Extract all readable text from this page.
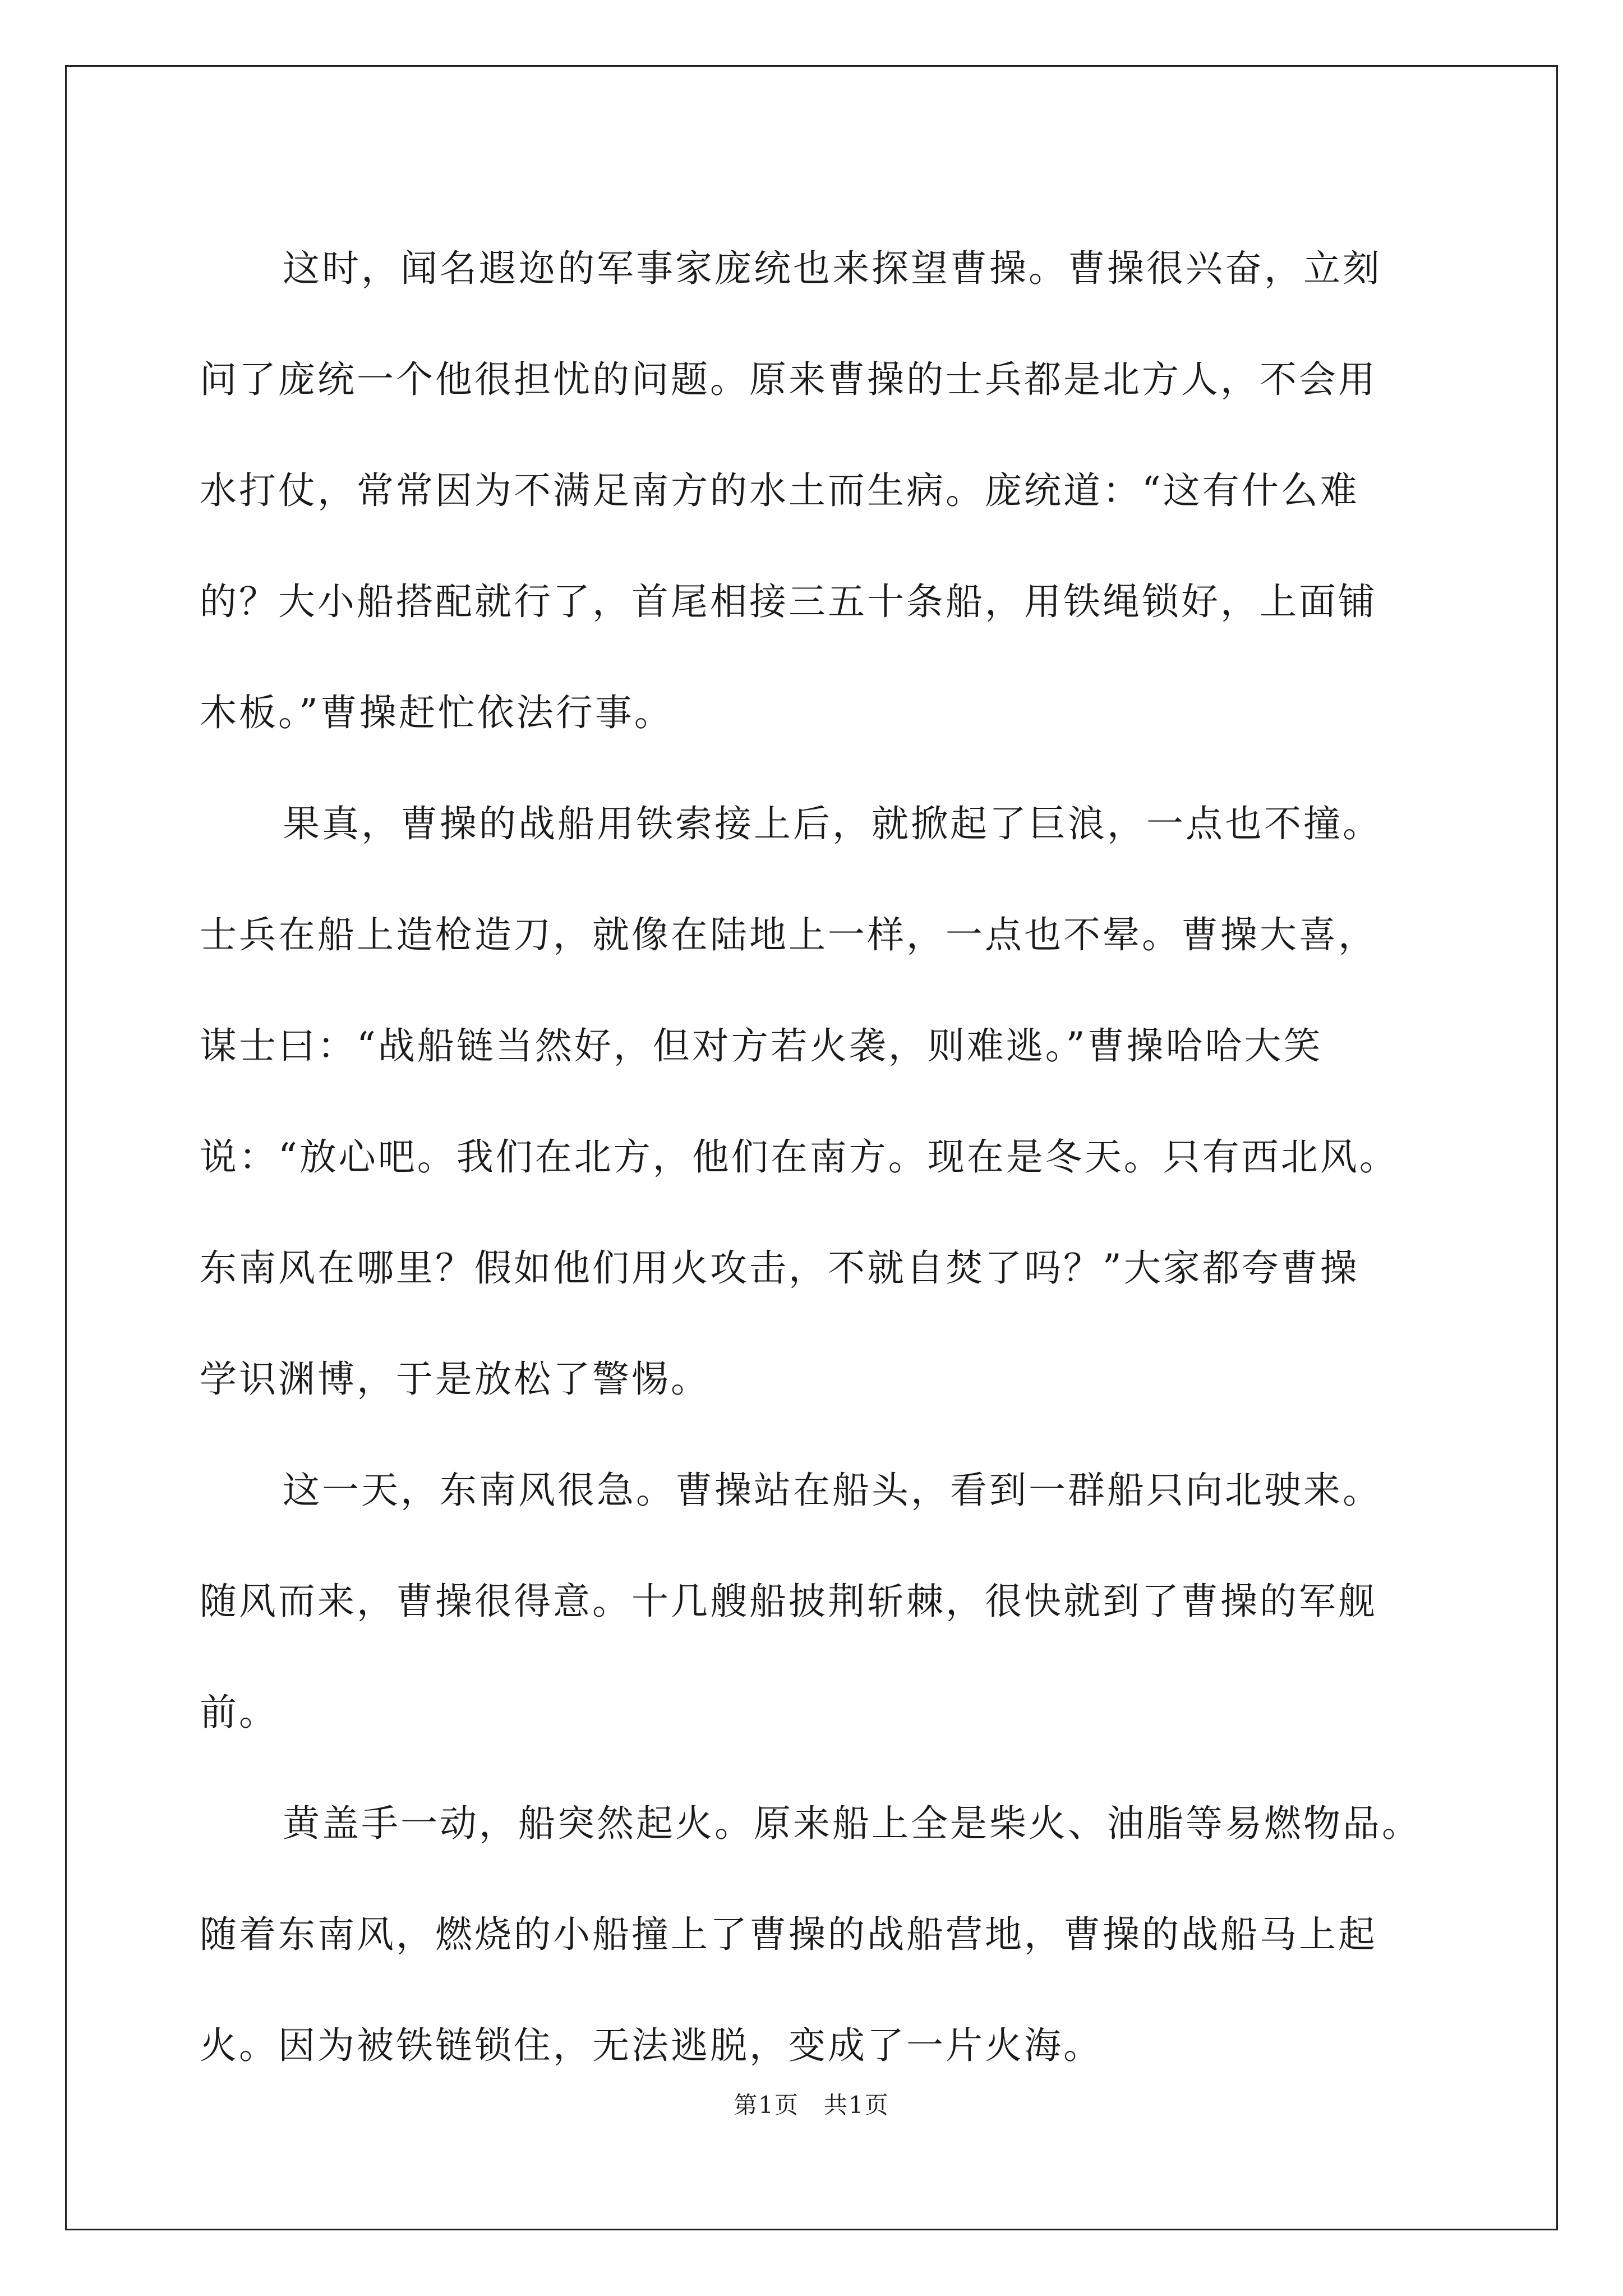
这时，闻名遐迩的军事家庞统也来探望曹操。曹操很兴奋，立刻
问了庞统一个他很担忧的问题。原来曹操的士兵都是北方人，不会用
水打仗，常常因为不满足南方的水土而生病。庞统道：“这有什么难
的？大小船搭配就行了，首尾相接三五十条船，用铁绳锁好，上面铺
木板。”曹操赶忙依法行事。
果真，曹操的战船用铁索接上后，就掀起了巨浪，一点也不撞。
士兵在船上造枪造刀，就像在陆地上一样，一点也不晕。曹操大喜，
谋士曰：“战船链当然好，但对方若火袭，则难逃。”曹操哈哈大笑
说：“放心吧。我们在北方，他们在南方。现在是冬天。只有西北风。
东南风在哪里？假如他们用火攻击，不就自焚了吗？”大家都夸曹操
学识渊博，于是放松了警惕。
这一天，东南风很急。曹操站在船头，看到一群船只向北驶来。
随风而来，曹操很得意。十几艘船披荆斩棘，很快就到了曹操的军舰
前。
黄盖手一动，船突然起火。原来船上全是柴火、油脂等易燃物品。
随着东南风，燃烧的小船撞上了曹操的战船营地，曹操的战船马上起
火。因为被铁链锁住，无法逃脱，变成了一片火海。
第1页　共1页
